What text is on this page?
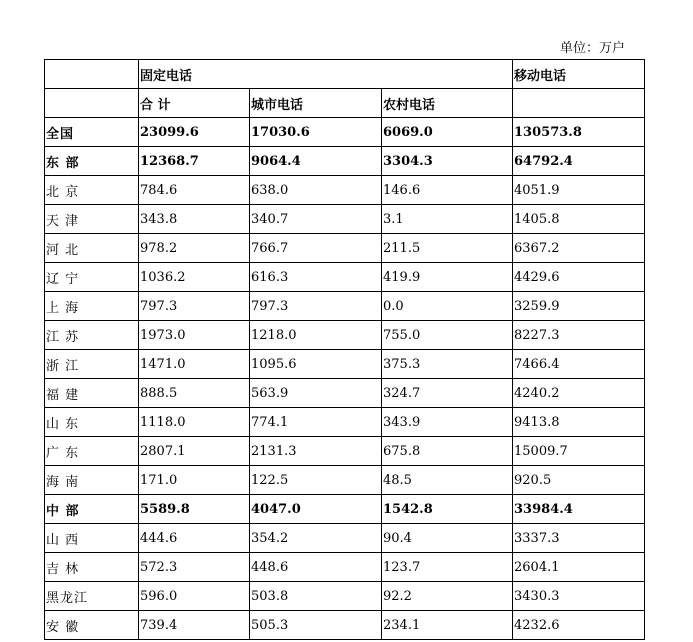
单位：万户
	固定电话			移动电话
	合 计	城市电话	农村电话	
全国	23099.6	17030.6	6069.0	130573.8
东 部	12368.7	9064.4	3304.3	64792.4
北 京	784.6	638.0	146.6	4051.9
天 津	343.8	340.7	3.1	1405.8
河 北	978.2	766.7	211.5	6367.2
辽 宁	1036.2	616.3	419.9	4429.6
上 海	797.3	797.3	0.0	3259.9
江 苏	1973.0	1218.0	755.0	8227.3
浙 江	1471.0	1095.6	375.3	7466.4
福 建	888.5	563.9	324.7	4240.2
山 东	1118.0	774.1	343.9	9413.8
广 东	2807.1	2131.3	675.8	15009.7
海 南	171.0	122.5	48.5	920.5
中 部	5589.8	4047.0	1542.8	33984.4
山 西	444.6	354.2	90.4	3337.3
吉 林	572.3	448.6	123.7	2604.1
黑龙江	596.0	503.8	92.2	3430.3
安 徽	739.4	505.3	234.1	4232.6
